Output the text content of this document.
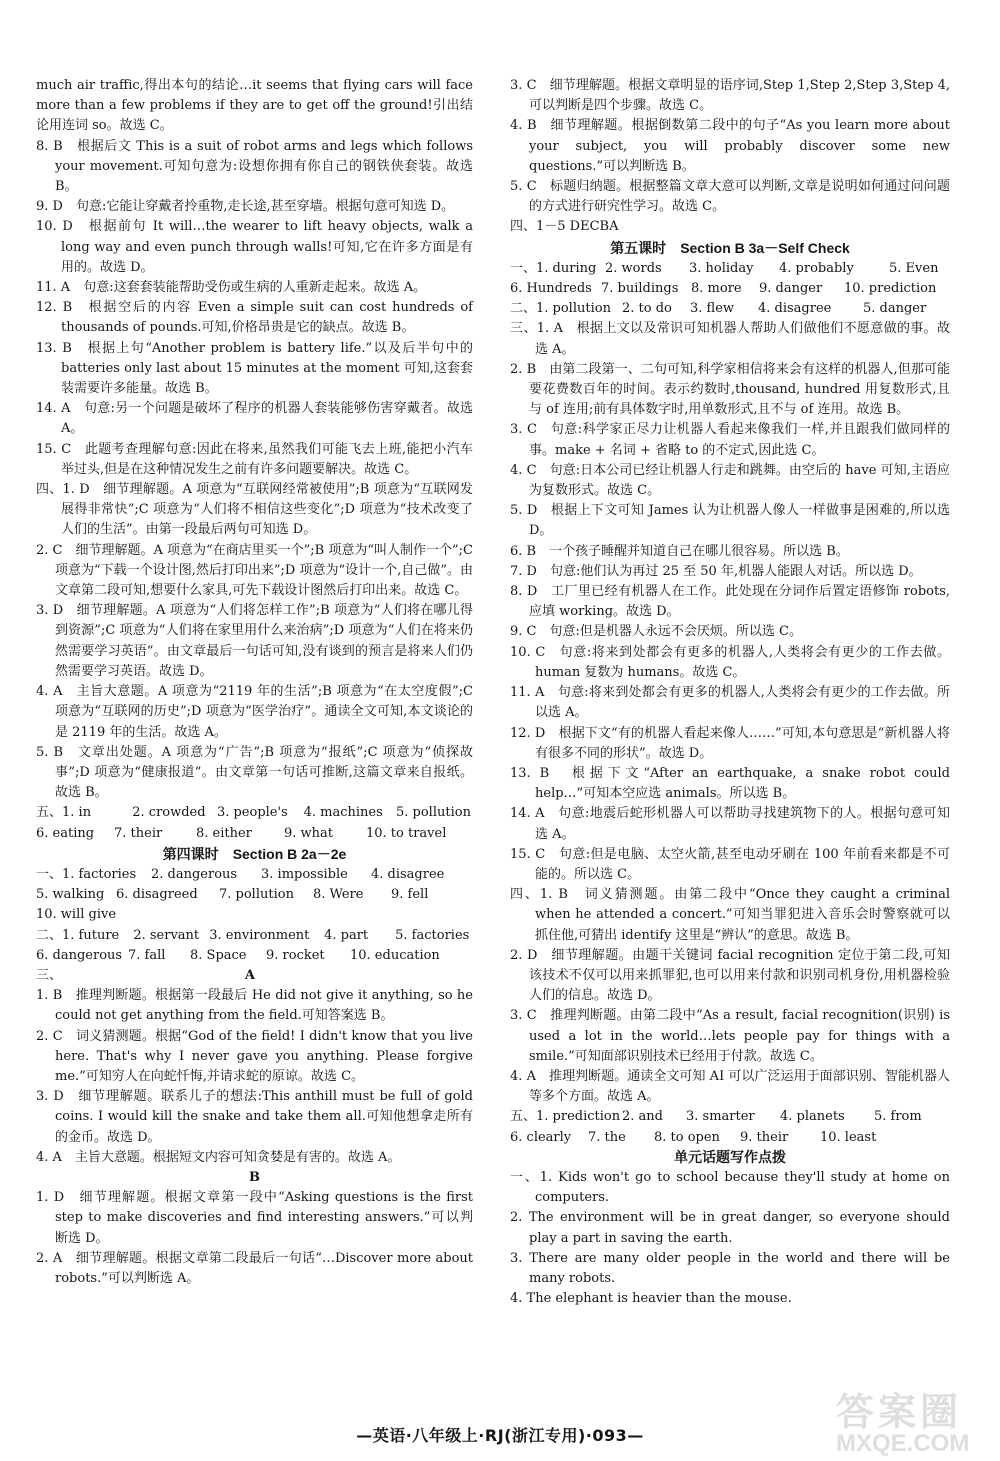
much air traffic,得出本句的结论…it seems that flying cars will face more than a few problems if they are to get off the ground!引出结论用连词 so。故选 C。

8. B　根据后文 This is a suit of robot arms and legs which follows your movement.可知句意为:设想你拥有你自己的钢铁侠套装。故选 B。

9. D　句意:它能让穿戴者拎重物,走长途,甚至穿墙。根据句意可知选 D。

10. D　根据前句 It will…the wearer to lift heavy objects, walk a long way and even punch through walls!可知,它在许多方面是有用的。故选 D。

11. A　句意:这套套装能帮助受伤或生病的人重新走起来。故选 A。

12. B　根据空后的内容 Even a simple suit can cost hundreds of thousands of pounds.可知,价格昂贵是它的缺点。故选 B。

13. B　根据上句“Another problem is battery life.”以及后半句中的 batteries only last about 15 minutes at the moment 可知,这套套装需要许多能量。故选 B。

14. A　句意:另一个问题是破坏了程序的机器人套装能够伤害穿戴者。故选 A。

15. C　此题考查理解句意:因此在将来,虽然我们可能飞去上班,能把小汽车举过头,但是在这种情况发生之前有许多问题要解决。故选 C。

四、1. D　细节理解题。A 项意为“互联网经常被使用”;B 项意为“互联网发展得非常快”;C 项意为“人们将不相信这些变化”;D 项意为“技术改变了人们的生活”。由第一段最后两句可知选 D。

2. C　细节理解题。A 项意为“在商店里买一个”;B 项意为“叫人制作一个”;C 项意为“下载一个设计图,然后打印出来”;D 项意为“设计一个,自己做”。由文章第二段可知,想要什么家具,可先下载设计图然后打印出来。故选 C。

3. D　细节理解题。A 项意为“人们将怎样工作”;B 项意为“人们将在哪儿得到资源”;C 项意为“人们将在家里用什么来治病”;D 项意为“人们在将来仍然需要学习英语”。由文章最后一句话可知,没有谈到的预言是将来人们仍然需要学习英语。故选 D。

4. A　主旨大意题。A 项意为“2119 年的生活”;B 项意为“在太空度假”;C 项意为“互联网的历史”;D 项意为“医学治疗”。通读全文可知,本文谈论的是 2119 年的生活。故选 A。

5. B　文章出处题。A 项意为“广告”;B 项意为“报纸”;C 项意为“侦探故事”;D 项意为“健康报道”。由文章第一句话可推断,这篇文章来自报纸。故选 B。

五、1. in	2. crowded 3. people's	4. machines	5. pollution
6. eating	7. their	8. either	9. what	10. to travel

第四课时  Section B 2a－2e

一、1. factories	2. dangerous	3. impossible	4. disagree
5. walking 6. disagreed	7. pollution	8. Were	9. fell
10. will give
二、1. future	2. servant 3. environment	4. part	5. factories
6. dangerous 7. fall	8. Space	9. rocket	10. education
三、	A

1. B　推理判断题。根据第一段最后 He did not give it anything, so he could not get anything from the field.可知答案选 B。

2. C　词义猜测题。根据“God of the field! I didn't know that you live here. That's why I never gave you anything. Please forgive me.”可知穷人在向蛇忏悔,并请求蛇的原谅。故选 C。

3. D　细节理解题。联系儿子的想法:This anthill must be full of gold coins. I would kill the snake and take them all.可知他想拿走所有的金币。故选 D。

4. A　主旨大意题。根据短文内容可知贪婪是有害的。故选 A。

B

1. D　细节理解题。根据文章第一段中“Asking questions is the first step to make discoveries and find interesting answers.”可以判断选 D。

2. A　细节理解题。根据文章第二段最后一句话“…Discover more about robots.”可以判断选 A。

3. C　细节理解题。根据文章明显的语序词,Step 1,Step 2,Step 3,Step 4,可以判断是四个步骤。故选 C。

4. B　细节理解题。根据倒数第二段中的句子“As you learn more about your subject, you will probably discover some new questions.”可以判断选 B。

5. C　标题归纳题。根据整篇文章大意可以判断,文章是说明如何通过问问题的方式进行研究性学习。故选 C。

四、1－5 DECBA

第五课时  Section B 3a－Self Check

一、1. during 2. words	3. holiday	4. probably	5. Even
6. Hundreds 7. buildings 8. more	9. danger	10. prediction
二、1. pollution 2. to do	3. flew	4. disagree	5. danger

三、1. A　根据上文以及常识可知机器人帮助人们做他们不愿意做的事。故选 A。

2. B　由第二段第一、二句可知,科学家相信将来会有这样的机器人,但那可能要花费数百年的时间。表示约数时,thousand, hundred 用复数形式,且与 of 连用;前有具体数字时,用单数形式,且不与 of 连用。故选 B。

3. C　句意:科学家正尽力让机器人看起来像我们一样,并且跟我们做同样的事。make + 名词 + 省略 to 的不定式,因此选 C。

4. C　句意:日本公司已经让机器人行走和跳舞。由空后的 have 可知,主语应为复数形式。故选 C。

5. D　根据上下文可知 James 认为让机器人像人一样做事是困难的,所以选 D。

6. B　一个孩子睡醒并知道自己在哪儿很容易。所以选 B。

7. D　句意:他们认为再过 25 至 50 年,机器人能跟人对话。所以选 D。

8. D　工厂里已经有机器人在工作。此处现在分词作后置定语修饰 robots,应填 working。故选 D。

9. C　句意:但是机器人永远不会厌烦。所以选 C。

10. C　句意:将来到处都会有更多的机器人,人类将会有更少的工作去做。human 复数为 humans。故选 C。

11. A　句意:将来到处都会有更多的机器人,人类将会有更少的工作去做。所以选 A。

12. D　根据下文“有的机器人看起来像人……”可知,本句意思是“新机器人将有很多不同的形状”。故选 D。

13. B　根据下文“After an earthquake, a snake robot could help…”可知本空应选 animals。所以选 B。

14. A　句意:地震后蛇形机器人可以帮助寻找建筑物下的人。根据句意可知选 A。

15. C　句意:但是电脑、太空火箭,甚至电动牙刷在 100 年前看来都是不可能的。所以选 C。

四、1. B　词义猜测题。由第二段中“Once they caught a criminal when he attended a concert.”可知当罪犯进入音乐会时警察就可以抓住他,可猜出 identify 这里是“辨认”的意思。故选 B。

2. D　细节理解题。由题干关键词 facial recognition 定位于第二段,可知该技术不仅可以用来抓罪犯,也可以用来付款和识别司机身份,用机器检验人们的信息。故选 D。

3. C　推理判断题。由第二段中“As a result, facial recognition(识别) is used a lot in the world…lets people pay for things with a smile.”可知面部识别技术已经用于付款。故选 C。

4. A　推理判断题。通读全文可知 AI 可以广泛运用于面部识别、智能机器人等多个方面。故选 A。

五、1. prediction 2. and	3. smarter	4. planets	5. from
6. clearly	7. the	8. to open	9. their	10. least

单元话题写作点拨

一、1. Kids won't go to school because they'll study at home on computers.

2. The environment will be in great danger, so everyone should play a part in saving the earth.

3. There are many older people in the world and there will be many robots.

4. The elephant is heavier than the mouse.

—英语·八年级上·RJ(浙江专用)·093—
答案圈
MXQE.COM
